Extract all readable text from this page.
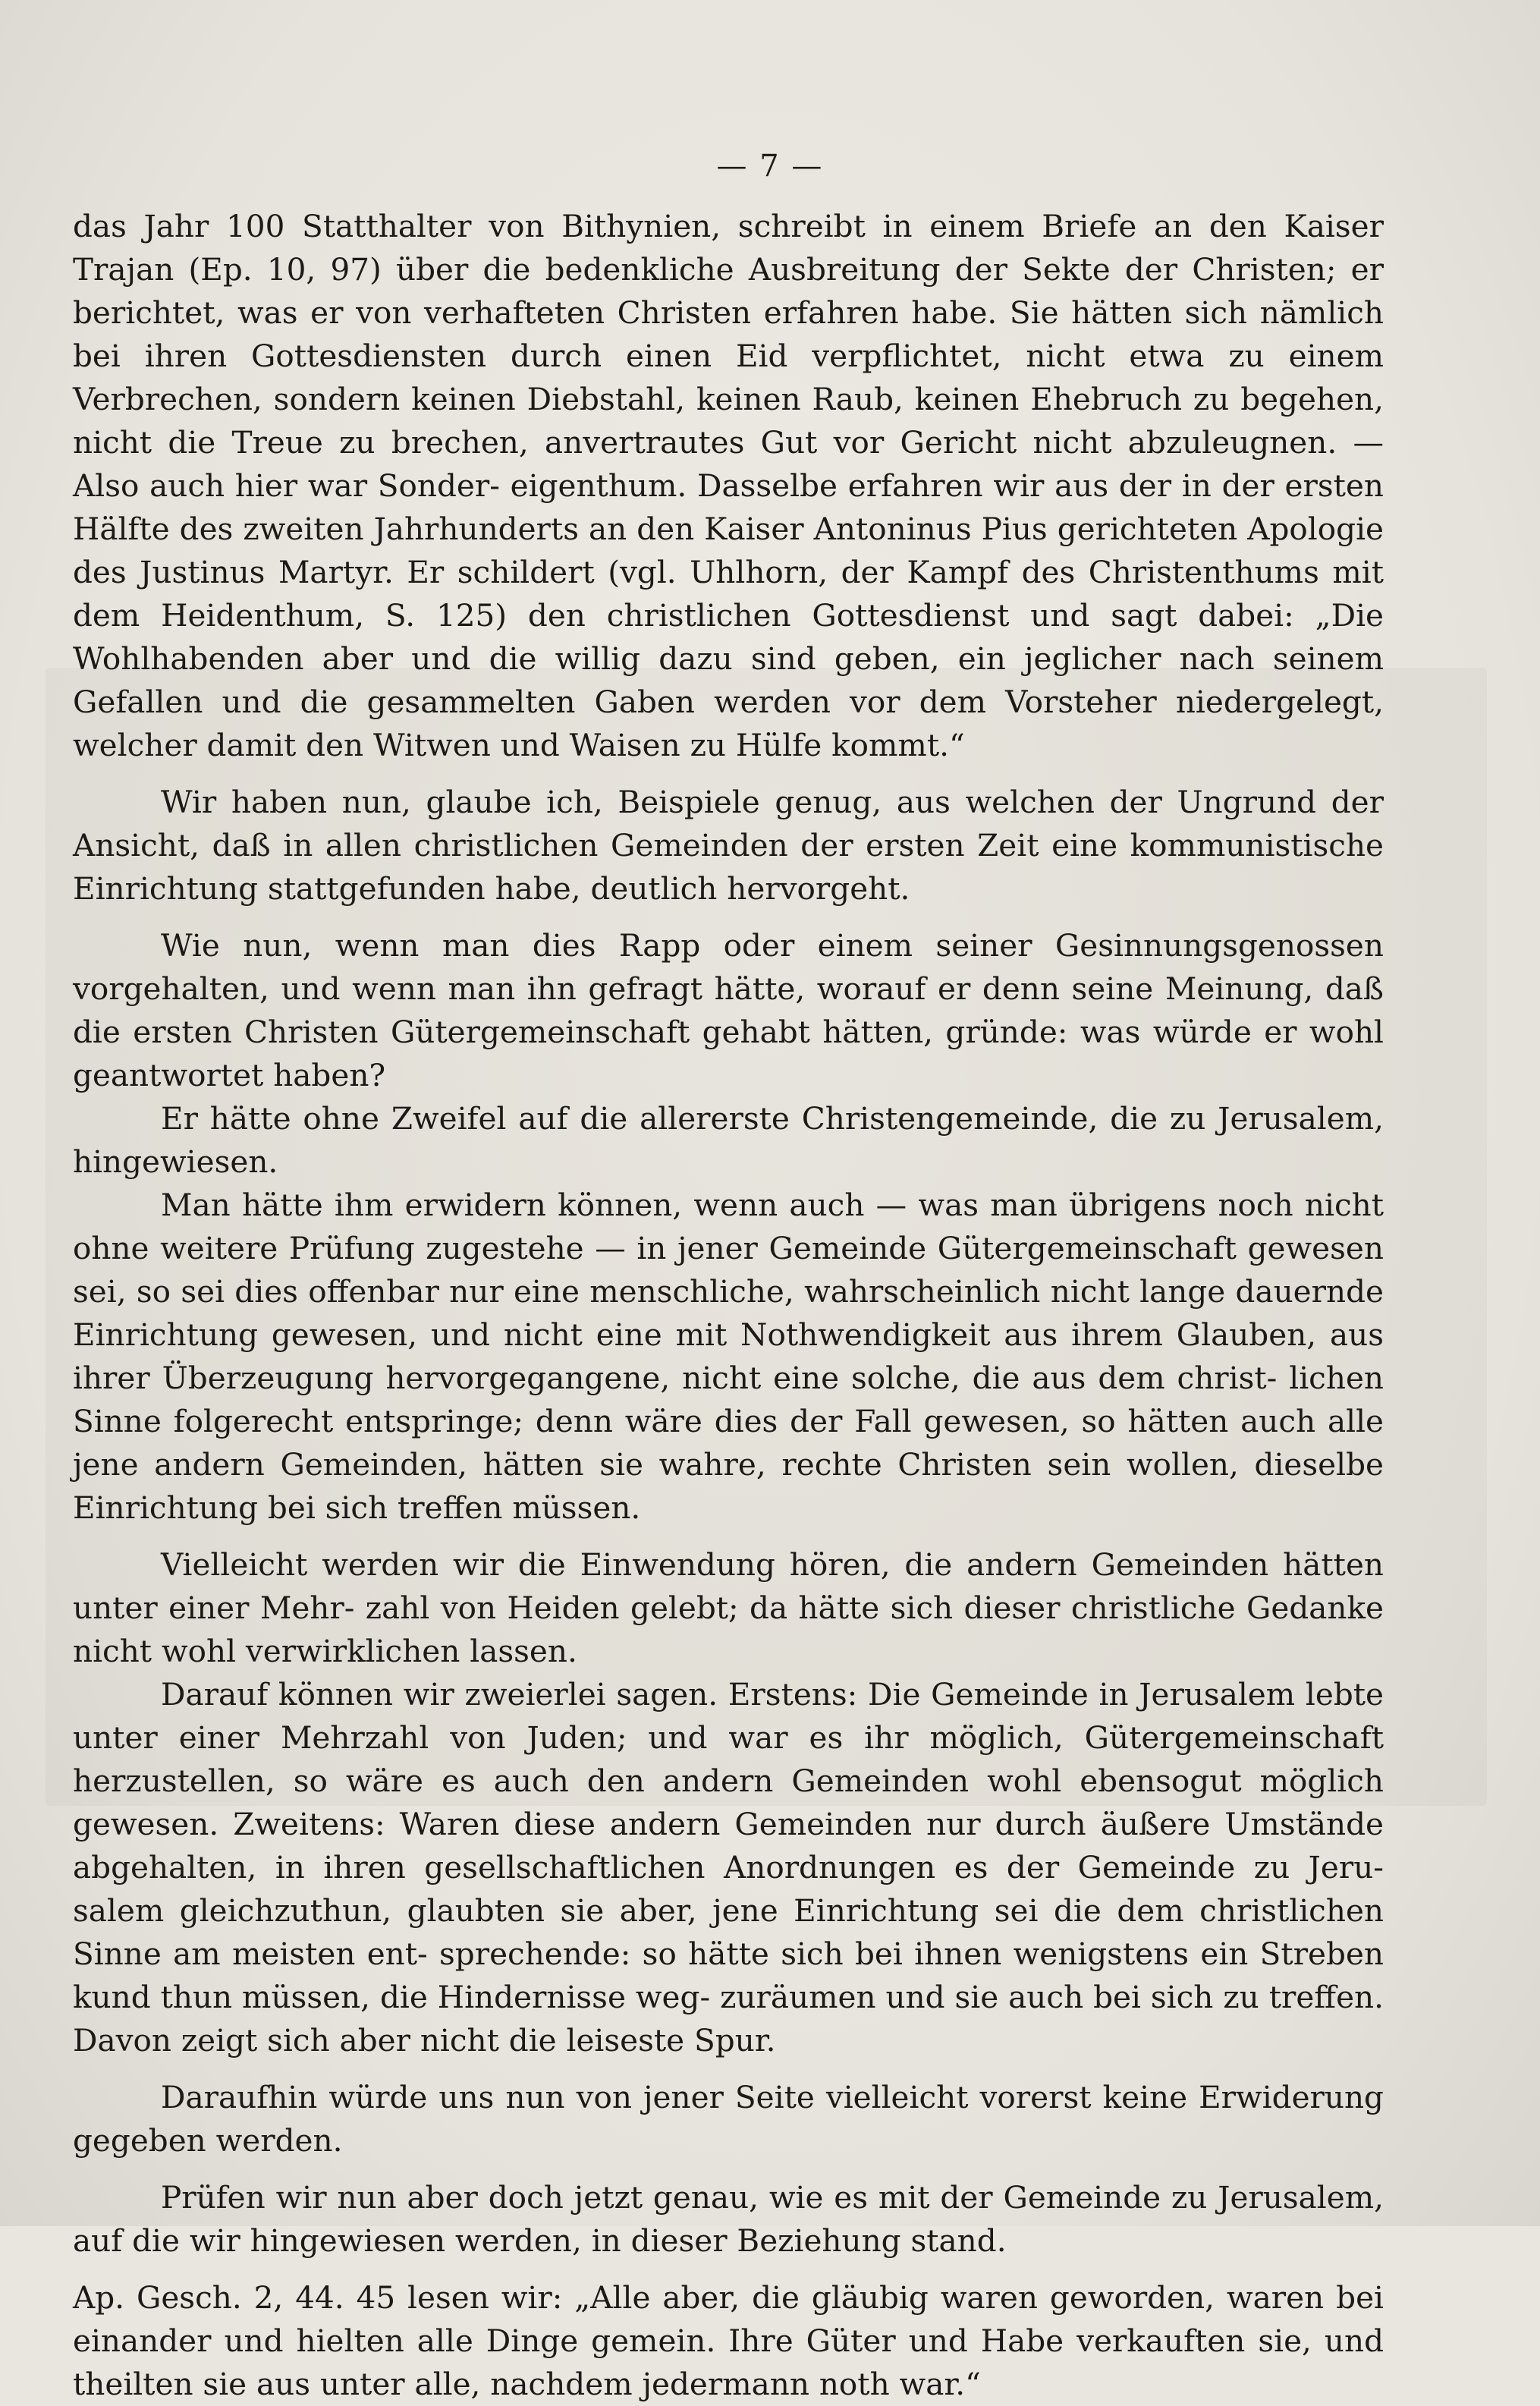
— 7 —

das Jahr 100 Statthalter von Bithynien, schreibt in einem Briefe an den Kaiser Trajan (Ep. 10, 97) über die bedenkliche Ausbreitung der Sekte der Christen; er berichtet, was er von verhafteten Christen erfahren habe. Sie hätten sich nämlich bei ihren Gottesdiensten durch einen Eid verpflichtet, nicht etwa zu einem Verbrechen, sondern keinen Diebstahl, keinen Raub, keinen Ehebruch zu begehen, nicht die Treue zu brechen, anvertrautes Gut vor Gericht nicht abzuleugnen. — Also auch hier war Sonder- eigenthum. Dasselbe erfahren wir aus der in der ersten Hälfte des zweiten Jahrhunderts an den Kaiser Antoninus Pius gerichteten Apologie des Justinus Martyr. Er schildert (vgl. Uhlhorn, der Kampf des Christenthums mit dem Heidenthum, S. 125) den christlichen Gottesdienst und sagt dabei: „Die Wohlhabenden aber und die willig dazu sind geben, ein jeglicher nach seinem Gefallen und die gesammelten Gaben werden vor dem Vorsteher niedergelegt, welcher damit den Witwen und Waisen zu Hülfe kommt.“

Wir haben nun, glaube ich, Beispiele genug, aus welchen der Ungrund der Ansicht, daß in allen christlichen Gemeinden der ersten Zeit eine kommunistische Einrichtung stattgefunden habe, deutlich hervorgeht.

Wie nun, wenn man dies Rapp oder einem seiner Gesinnungsgenossen vorgehalten, und wenn man ihn gefragt hätte, worauf er denn seine Meinung, daß die ersten Christen Gütergemeinschaft gehabt hätten, gründe: was würde er wohl geantwortet haben?

Er hätte ohne Zweifel auf die allererste Christengemeinde, die zu Jerusalem, hingewiesen.

Man hätte ihm erwidern können, wenn auch — was man übrigens noch nicht ohne weitere Prüfung zugestehe — in jener Gemeinde Gütergemeinschaft gewesen sei, so sei dies offenbar nur eine menschliche, wahrscheinlich nicht lange dauernde Einrichtung gewesen, und nicht eine mit Nothwendigkeit aus ihrem Glauben, aus ihrer Überzeugung hervorgegangene, nicht eine solche, die aus dem christ- lichen Sinne folgerecht entspringe; denn wäre dies der Fall gewesen, so hätten auch alle jene andern Gemeinden, hätten sie wahre, rechte Christen sein wollen, dieselbe Einrichtung bei sich treffen müssen.

Vielleicht werden wir die Einwendung hören, die andern Gemeinden hätten unter einer Mehr- zahl von Heiden gelebt; da hätte sich dieser christliche Gedanke nicht wohl verwirklichen lassen.

Darauf können wir zweierlei sagen. Erstens: Die Gemeinde in Jerusalem lebte unter einer Mehrzahl von Juden; und war es ihr möglich, Gütergemeinschaft herzustellen, so wäre es auch den andern Gemeinden wohl ebensogut möglich gewesen. Zweitens: Waren diese andern Gemeinden nur durch äußere Umstände abgehalten, in ihren gesellschaftlichen Anordnungen es der Gemeinde zu Jeru- salem gleichzuthun, glaubten sie aber, jene Einrichtung sei die dem christlichen Sinne am meisten ent- sprechende: so hätte sich bei ihnen wenigstens ein Streben kund thun müssen, die Hindernisse weg- zuräumen und sie auch bei sich zu treffen. Davon zeigt sich aber nicht die leiseste Spur.

Daraufhin würde uns nun von jener Seite vielleicht vorerst keine Erwiderung gegeben werden.

Prüfen wir nun aber doch jetzt genau, wie es mit der Gemeinde zu Jerusalem, auf die wir hingewiesen werden, in dieser Beziehung stand.

Ap. Gesch. 2, 44. 45 lesen wir: „Alle aber, die gläubig waren geworden, waren bei einander und hielten alle Dinge gemein. Ihre Güter und Habe verkauften sie, und theilten sie aus unter alle, nachdem jedermann noth war.“
